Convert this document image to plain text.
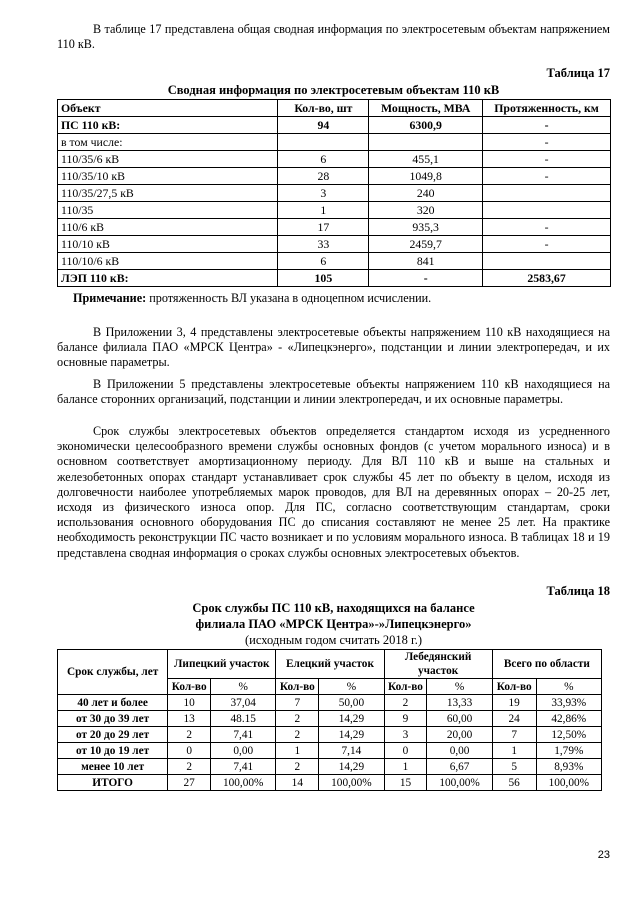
В таблице 17 представлена общая сводная информация по электросетевым объектам напряжением 110 кВ.

Таблица 17
Сводная информация по электросетевым объектам 110 кВ
Объект	Кол-во, шт	Мощность, МВА	Протяженность, км
ПС 110 кВ:	94	6300,9	-
в том числе:			-
110/35/6 кВ	6	455,1	-
110/35/10 кВ	28	1049,8	-
110/35/27,5 кВ	3	240	
110/35	1	320	
110/6 кВ	17	935,3	-
110/10 кВ	33	2459,7	-
110/10/6 кВ	6	841	
ЛЭП 110 кВ:	105	-	2583,67
Примечание: протяженность ВЛ указана в одноцепном исчислении.

В Приложении 3, 4 представлены электросетевые объекты напряжением 110 кВ находящиеся на балансе филиала ПАО «МРСК Центра» - «Липецкэнерго», подстанции и линии электропередач, и их основные параметры.

В Приложении 5 представлены электросетевые объекты напряжением 110 кВ находящиеся на балансе сторонних организаций, подстанции и линии электропередач, и их основные параметры.

Срок службы электросетевых объектов определяется стандартом исходя из усредненного экономически целесообразного времени службы основных фондов (с учетом морального износа) и в основном соответствует амортизационному периоду. Для ВЛ 110 кВ и выше на стальных и железобетонных опорах стандарт устанавливает срок службы 45 лет по объекту в целом, исходя из долговечности наиболее употребляемых марок проводов, для ВЛ на деревянных опорах – 20-25 лет, исходя из физического износа опор. Для ПС, согласно соответствующим стандартам, сроки использования основного оборудования ПС до списания составляют не менее 25 лет. На практике необходимость реконструкции ПС часто возникает и по условиям морального износа. В таблицах 18 и 19 представлена сводная информация о сроках службы основных электросетевых объектов.

Таблица 18
Срок службы ПС 110 кВ, находящихся на балансе
филиала ПАО «МРСК Центра»-»Липецкэнерго»
(исходным годом считать 2018 г.)
Срок службы, лет	Липецкий участок		Елецкий участок		Лебедянский участок		Всего по области	
	Кол-во	%	Кол-во	%	Кол-во	%	Кол-во	%
40 лет и более	10	37,04	7	50,00	2	13,33	19	33,93%
от 30 до 39 лет	13	48.15	2	14,29	9	60,00	24	42,86%
от 20 до 29 лет	2	7,41	2	14,29	3	20,00	7	12,50%
от 10 до 19 лет	0	0,00	1	7,14	0	0,00	1	1,79%
менее 10 лет	2	7,41	2	14,29	1	6,67	5	8,93%
ИТОГО	27	100,00%	14	100,00%	15	100,00%	56	100,00%
23
